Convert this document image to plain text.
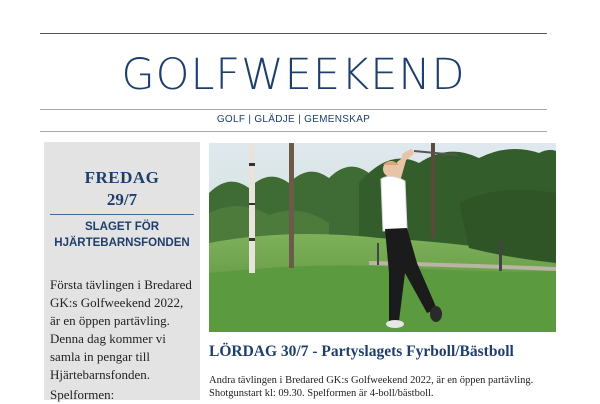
GOLFWEEKEND
GOLF | GLÄDJE | GEMENSKAP
FREDAG
29/7
SLAGET FÖR
HJÄRTEBARNSFONDEN
Första tävlingen i Bredared
GK:s Golfweekend 2022,
är en öppen partävling.
Denna dag kommer vi
samla in pengar till
Hjärtebarnsfonden.
Spelformen:
LÖRDAG 30/7 - Partyslagets Fyrboll/Bästboll
Andra tävlingen i Bredared GK:s Golfweekend 2022, är en öppen partävling.
Shotgunstart kl: 09.30. Spelformen är 4-boll/bästboll.
